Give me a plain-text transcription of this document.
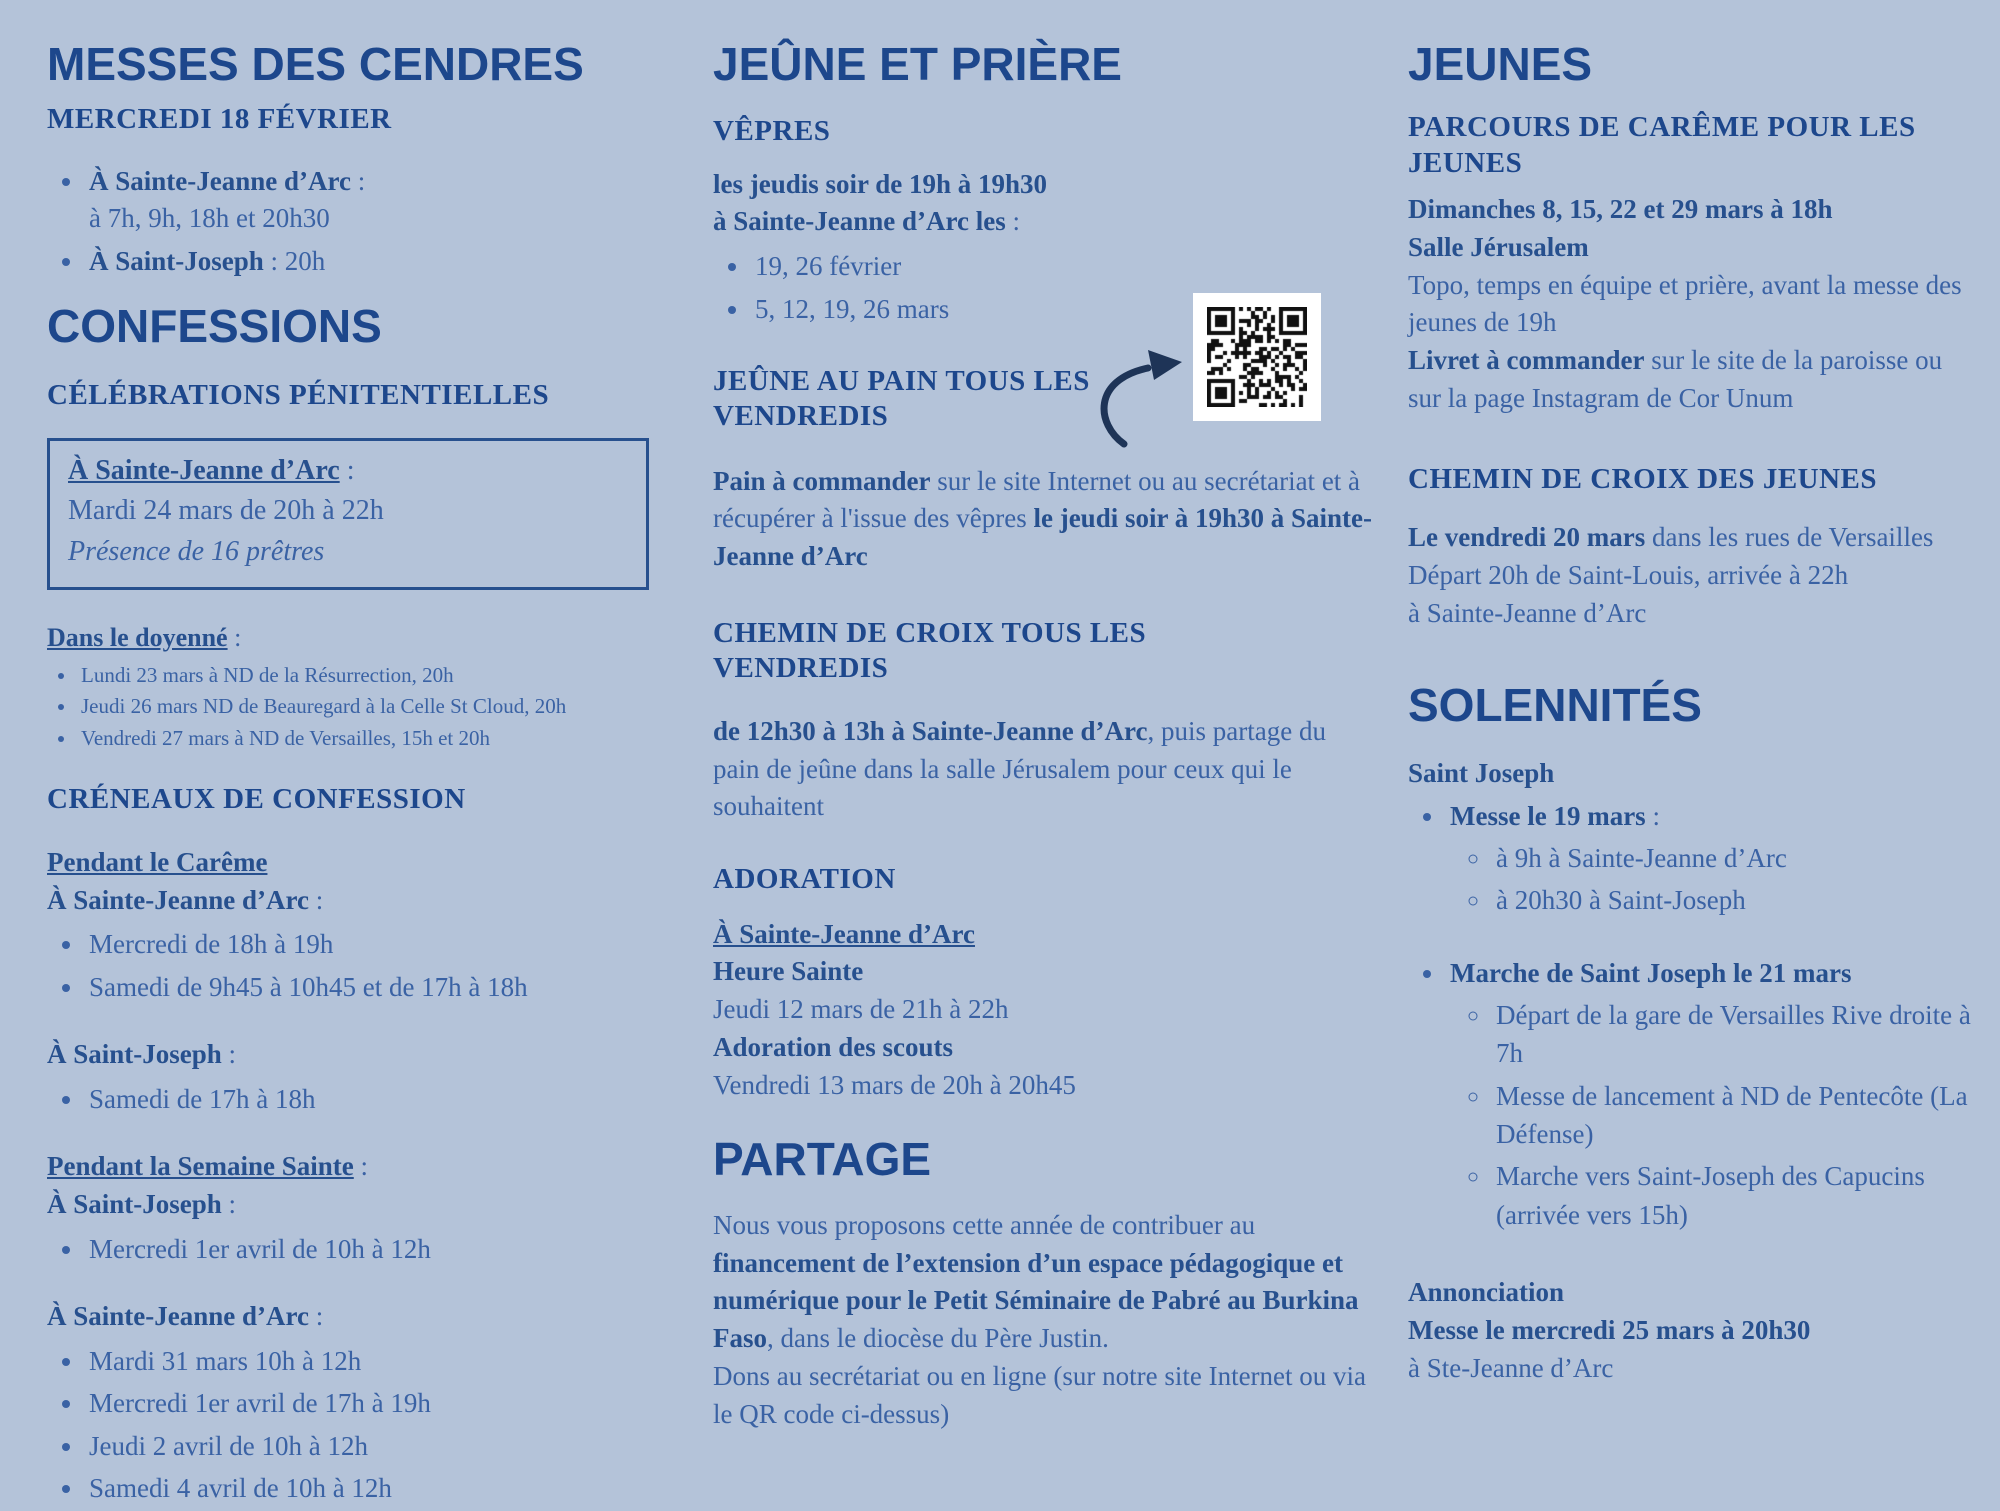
MESSES DES CENDRES
MERCREDI 18 FÉVRIER
• À Sainte-Jeanne d’Arc :
à 7h, 9h, 18h et 20h30
• À Saint-Joseph : 20h
CONFESSIONS
CÉLÉBRATIONS PÉNITENTIELLES
À Sainte-Jeanne d’Arc :
Mardi 24 mars de 20h à 22h
Présence de 16 prêtres
Dans le doyenné :
• Lundi 23 mars à ND de la Résurrection, 20h
• Jeudi 26 mars ND de Beauregard à la Celle St Cloud, 20h
• Vendredi 27 mars à ND de Versailles, 15h et 20h
CRÉNEAUX DE CONFESSION
Pendant le Carême
À Sainte-Jeanne d’Arc :
• Mercredi de 18h à 19h
• Samedi de 9h45 à 10h45 et de 17h à 18h
À Saint-Joseph :
• Samedi de 17h à 18h
Pendant la Semaine Sainte :
À Saint-Joseph :
• Mercredi 1er avril de 10h à 12h
À Sainte-Jeanne d’Arc :
• Mardi 31 mars 10h à 12h
• Mercredi 1er avril de 17h à 19h
• Jeudi 2 avril de 10h à 12h
• Samedi 4 avril de 10h à 12h
JEÛNE ET PRIÈRE
VÊPRES
les jeudis soir de 19h à 19h30
à Sainte-Jeanne d’Arc les :
• 19, 26 février
• 5, 12, 19, 26 mars
JEÛNE AU PAIN TOUS LES VENDREDIS

Pain à commander sur le site Internet ou au secrétariat et à récupérer à l'issue des vêpres le jeudi soir à 19h30 à Sainte-Jeanne d’Arc

CHEMIN DE CROIX TOUS LES VENDREDIS

de 12h30 à 13h à Sainte-Jeanne d’Arc, puis partage du pain de jeûne dans la salle Jérusalem pour ceux qui le souhaitent

ADORATION
À Sainte-Jeanne d’Arc
Heure Sainte
Jeudi 12 mars de 21h à 22h
Adoration des scouts
Vendredi 13 mars de 20h à 20h45
PARTAGE

Nous vous proposons cette année de contribuer au financement de l’extension d’un espace pédagogique et numérique pour le Petit Séminaire de Pabré au Burkina Faso, dans le diocèse du Père Justin.

Dons au secrétariat ou en ligne (sur notre site Internet ou via le QR code ci-dessus)

JEUNES
PARCOURS DE CARÊME POUR LES JEUNES
Dimanches 8, 15, 22 et 29 mars à 18h
Salle Jérusalem
Topo, temps en équipe et prière, avant la messe des jeunes de 19h

Livret à commander sur le site de la paroisse ou sur la page Instagram de Cor Unum

CHEMIN DE CROIX DES JEUNES

Le vendredi 20 mars dans les rues de Versailles

Départ 20h de Saint-Louis, arrivée à 22h
à Sainte-Jeanne d’Arc
SOLENNITÉS
Saint Joseph
• Messe le 19 mars :
◦ à 9h à Sainte-Jeanne d’Arc
◦ à 20h30 à Saint-Joseph
• Marche de Saint Joseph le 21 mars
◦ Départ de la gare de Versailles Rive droite à 7h
◦ Messe de lancement à ND de Pentecôte (La Défense)
◦ Marche vers Saint-Joseph des Capucins (arrivée vers 15h)
Annonciation
Messe le mercredi 25 mars à 20h30
à Ste-Jeanne d’Arc
